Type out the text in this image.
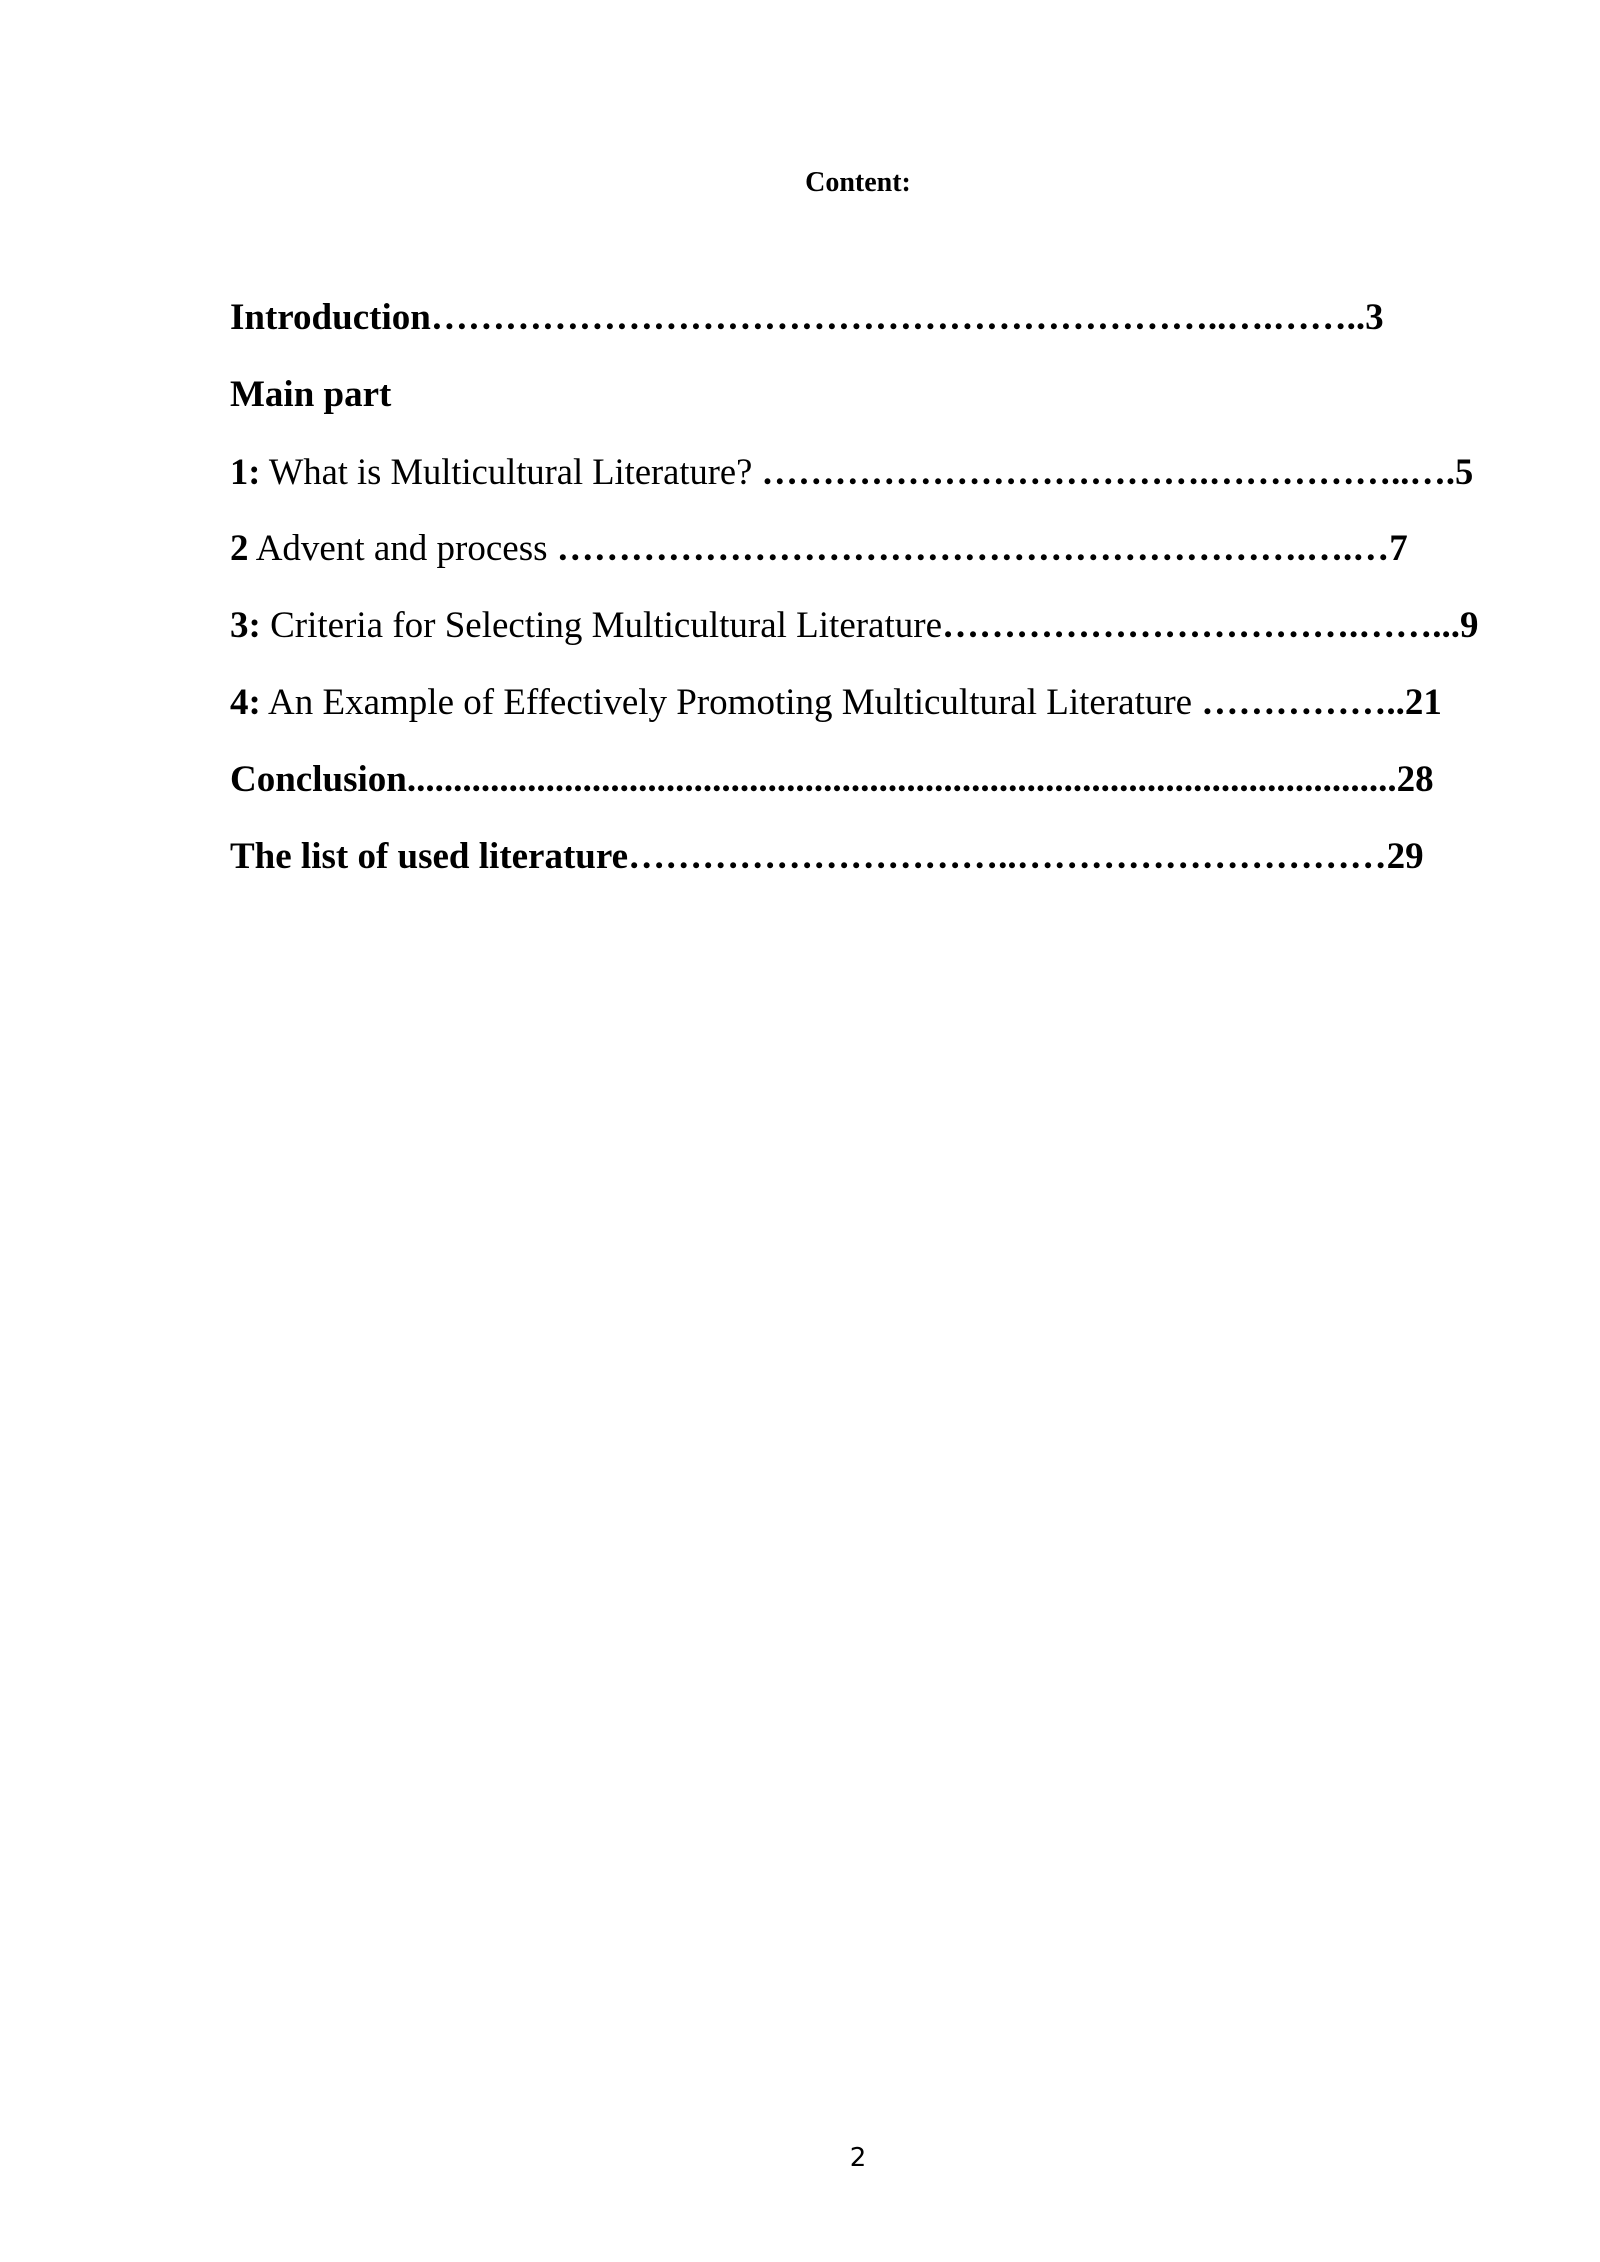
Content:
Introduction………………………………………………………..….……..3
Main part
1: What is Multicultural Literature? ……………………………….……………..….5
2 Advent and process …………………………………………………….….…7
3: Criteria for Selecting Multicultural Literature…………………………….……...9
4: An Example of Effectively Promoting Multicultural Literature ……………..21
Conclusion...........................................................................................................28
The list of used literature…………………………..…………………………29
2
